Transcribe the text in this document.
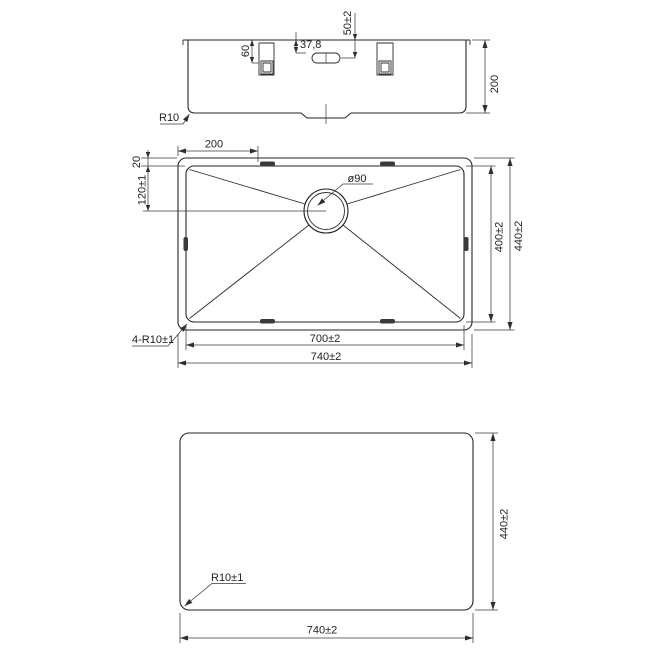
60	37,8
50±2
200
R10
200
20
120±1	ø90
400±2 440±2
4-R10±1	700±2
740±2
R10±1
440±2
740±2
